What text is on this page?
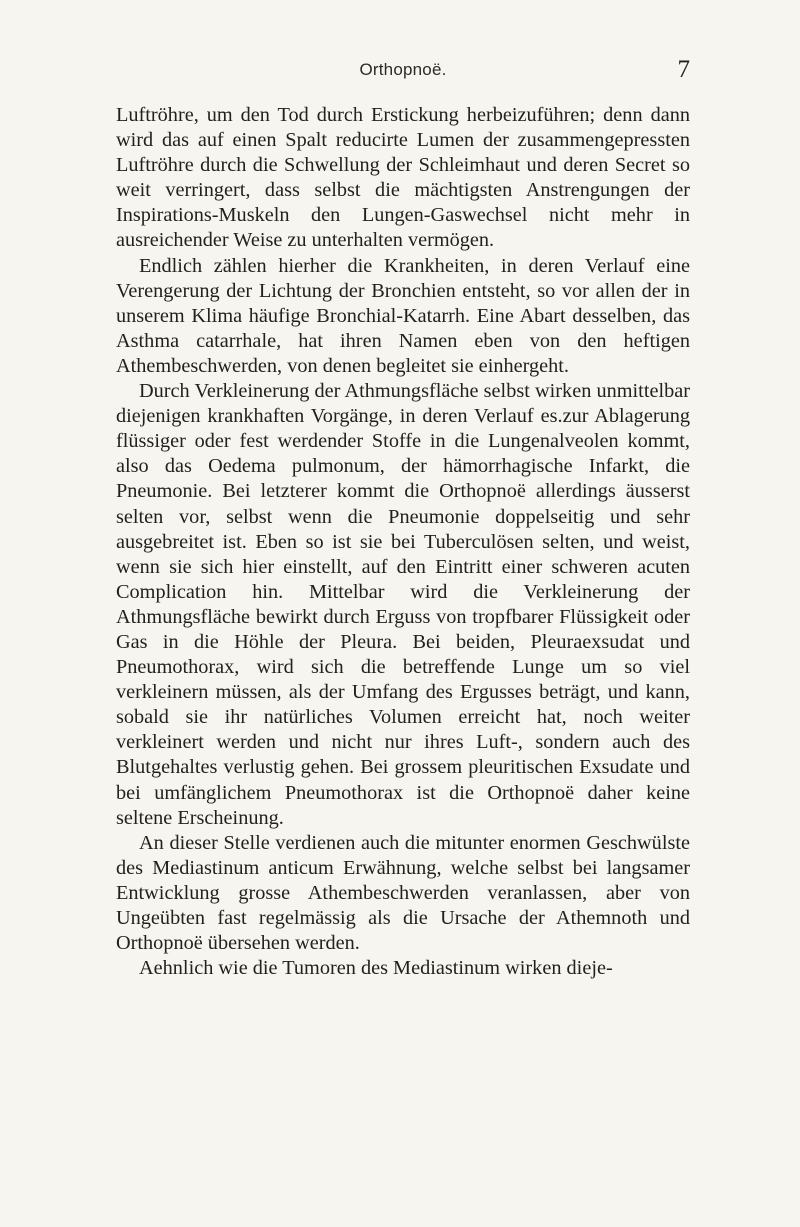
Orthopnoë.	7

Luftröhre, um den Tod durch Erstickung herbeizuführen; denn dann wird das auf einen Spalt reducirte Lumen der zusammengepressten Luftröhre durch die Schwellung der Schleimhaut und deren Secret so weit verringert, dass selbst die mächtigsten Anstrengungen der Inspirations-Muskeln den Lungen-Gaswechsel nicht mehr in ausreichender Weise zu unterhalten vermögen.

Endlich zählen hierher die Krankheiten, in deren Verlauf eine Verengerung der Lichtung der Bronchien entsteht, so vor allen der in unserem Klima häufige Bronchial-Katarrh. Eine Abart desselben, das Asthma catarrhale, hat ihren Namen eben von den heftigen Athembeschwerden, von denen begleitet sie einhergeht.

Durch Verkleinerung der Athmungsfläche selbst wirken unmittelbar diejenigen krankhaften Vorgänge, in deren Verlauf es.zur Ablagerung flüssiger oder fest werdender Stoffe in die Lungenalveolen kommt, also das Oedema pulmonum, der hämorrhagische Infarkt, die Pneumonie. Bei letzterer kommt die Orthopnoë allerdings äusserst selten vor, selbst wenn die Pneumonie doppelseitig und sehr ausgebreitet ist. Eben so ist sie bei Tuberculösen selten, und weist, wenn sie sich hier einstellt, auf den Eintritt einer schweren acuten Complication hin. Mittelbar wird die Verkleinerung der Athmungsfläche bewirkt durch Erguss von tropfbarer Flüssigkeit oder Gas in die Höhle der Pleura. Bei beiden, Pleuraexsudat und Pneumothorax, wird sich die betreffende Lunge um so viel verkleinern müssen, als der Umfang des Ergusses beträgt, und kann, sobald sie ihr natürliches Volumen erreicht hat, noch weiter verkleinert werden und nicht nur ihres Luft-, sondern auch des Blutgehaltes verlustig gehen. Bei grossem pleuritischen Exsudate und bei umfänglichem Pneumothorax ist die Orthopnoë daher keine seltene Erscheinung.

An dieser Stelle verdienen auch die mitunter enormen Geschwülste des Mediastinum anticum Erwähnung, welche selbst bei langsamer Entwicklung grosse Athembeschwerden veranlassen, aber von Ungeübten fast regelmässig als die Ursache der Athemnoth und Orthopnoë übersehen werden.

Aehnlich wie die Tumoren des Mediastinum wirken dieje-
